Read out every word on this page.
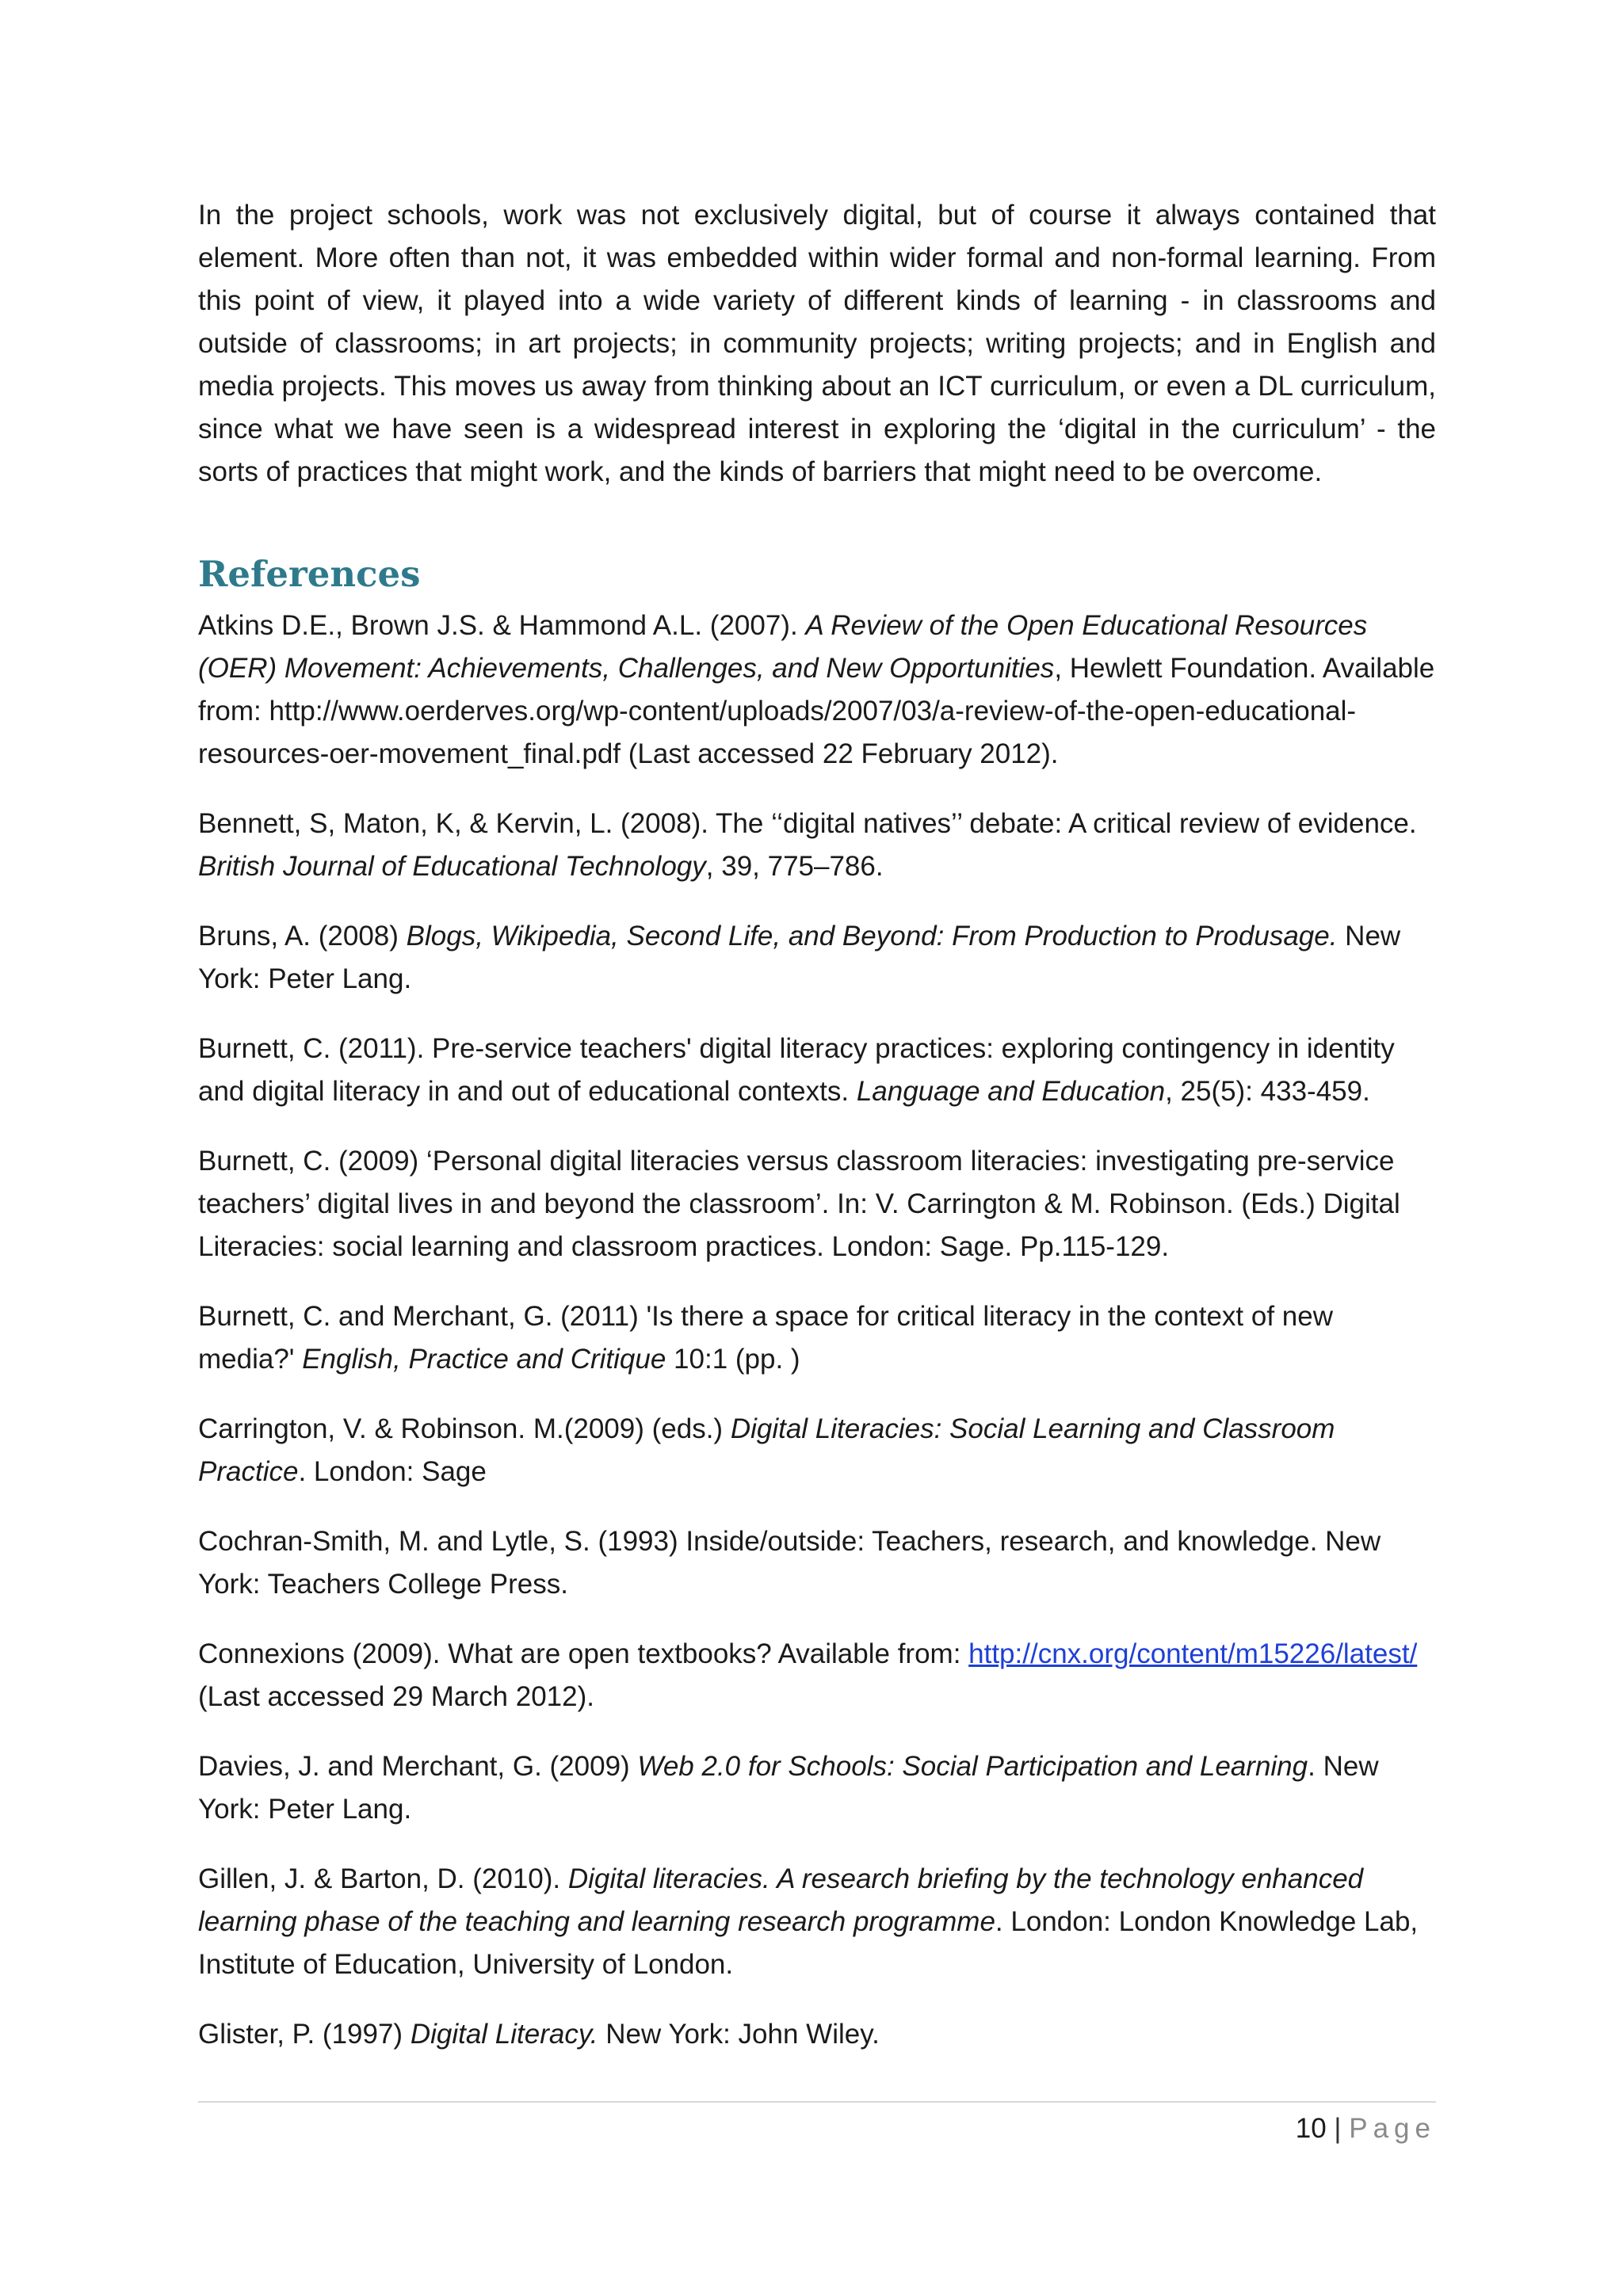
In the project schools, work was not exclusively digital, but of course it always contained that element. More often than not, it was embedded within wider formal and non-formal learning. From this point of view, it played into a wide variety of different kinds of learning - in classrooms and outside of classrooms; in art projects; in community projects; writing projects; and in English and media projects. This moves us away from thinking about an ICT curriculum, or even a DL curriculum, since what we have seen is a widespread interest in exploring the ‘digital in the curriculum’ - the sorts of practices that might work, and the kinds of barriers that might need to be overcome.

References

Atkins D.E., Brown J.S. & Hammond A.L. (2007). A Review of the Open Educational Resources (OER) Movement: Achievements, Challenges, and New Opportunities, Hewlett Foundation. Available from: http://www.oerderves.org/wp-content/uploads/2007/03/a-review-of-the-open-educational-resources-oer-movement_final.pdf (Last accessed 22 February 2012).

Bennett, S, Maton, K, & Kervin, L. (2008). The ‘‘digital natives’’ debate: A critical review of evidence. British Journal of Educational Technology, 39, 775–786.

Bruns, A. (2008) Blogs, Wikipedia, Second Life, and Beyond: From Production to Produsage. New York: Peter Lang.

Burnett, C. (2011). Pre-service teachers' digital literacy practices: exploring contingency in identity and digital literacy in and out of educational contexts. Language and Education, 25(5): 433-459.

Burnett, C. (2009) ‘Personal digital literacies versus classroom literacies: investigating pre-service teachers’ digital lives in and beyond the classroom’. In: V. Carrington & M. Robinson. (Eds.) Digital Literacies: social learning and classroom practices. London: Sage. Pp.115-129.

Burnett, C. and Merchant, G. (2011) 'Is there a space for critical literacy in the context of new media?' English, Practice and Critique 10:1 (pp. )

Carrington, V. & Robinson. M.(2009) (eds.) Digital Literacies: Social Learning and Classroom Practice. London: Sage

Cochran-Smith, M. and Lytle, S. (1993) Inside/outside: Teachers, research, and knowledge. New York: Teachers College Press.

Connexions (2009). What are open textbooks? Available from: http://cnx.org/content/m15226/latest/ (Last accessed 29 March 2012).

Davies, J. and Merchant, G. (2009) Web 2.0 for Schools: Social Participation and Learning. New York: Peter Lang.

Gillen, J. & Barton, D. (2010). Digital literacies. A research briefing by the technology enhanced learning phase of the teaching and learning research programme. London: London Knowledge Lab, Institute of Education, University of London.

Glister, P. (1997) Digital Literacy. New York: John Wiley.

10 | Page
